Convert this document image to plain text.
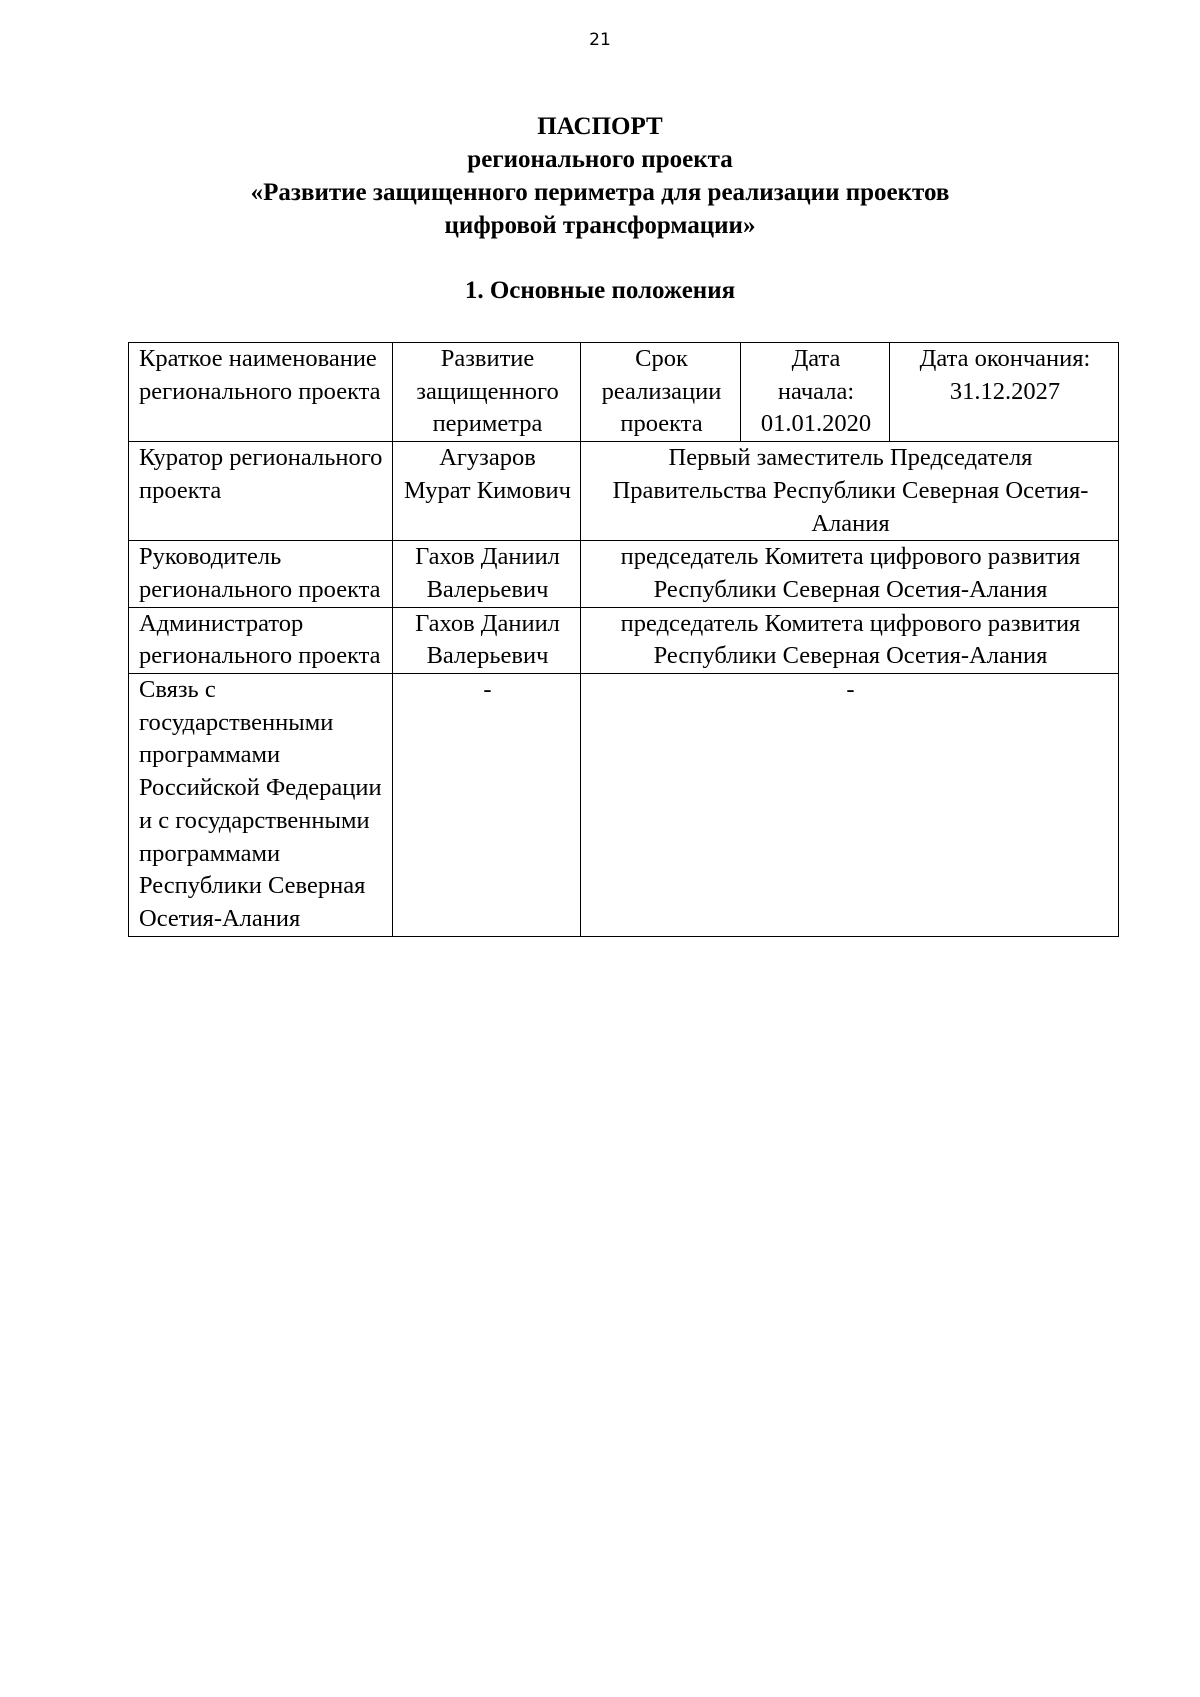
21
ПАСПОРТ
регионального проекта
«Развитие защищенного периметра для реализации проектов
цифровой трансформации»
1. Основные положения
Краткое наименование регионального проекта	Развитие защищенного периметра	Срок реализации проекта	Дата начала: 01.01.2020	Дата окончания: 31.12.2027
Куратор регионального проекта	Агузаров Мурат Кимович	Первый заместитель Председателя Правительства Республики Северная Осетия-Алания		
Руководитель регионального проекта	Гахов Даниил Валерьевич	председатель Комитета цифрового развития Республики Северная Осетия-Алания		
Администратор регионального проекта	Гахов Даниил Валерьевич	председатель Комитета цифрового развития Республики Северная Осетия-Алания		
Связь с государственными программами Российской Федерации и с государственными программами Республики Северная Осетия-Алания	-	-		
